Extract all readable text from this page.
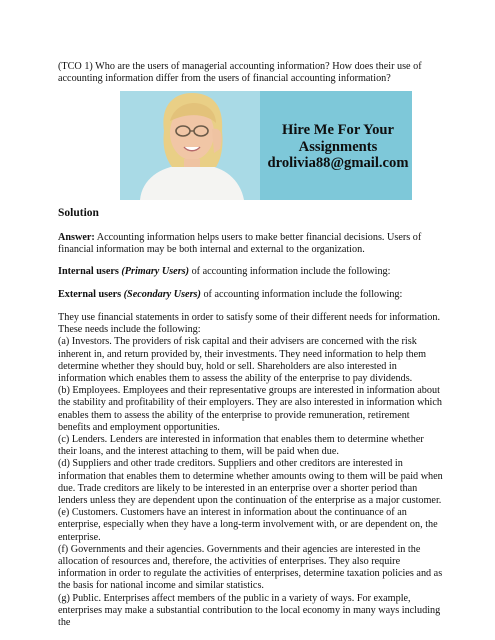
(TCO 1) Who are the users of managerial accounting information? How does their use of accounting information differ from the users of financial accounting information?

Hire Me For Your
Assignments
drolivia88@gmail.com
Solution

Answer: Accounting information helps users to make better financial decisions. Users of financial information may be both internal and external to the organization.

Internal users (Primary Users) of accounting information include the following:

External users (Secondary Users) of accounting information include the following:

They use financial statements in order to satisfy some of their different needs for information. These needs include the following:
(a) Investors. The providers of risk capital and their advisers are concerned with the risk inherent in, and return provided by, their investments. They need information to help them determine whether they should buy, hold or sell. Shareholders are also interested in information which enables them to assess the ability of the enterprise to pay dividends.
(b) Employees. Employees and their representative groups are interested in information about the stability and profitability of their employers. They are also interested in information which enables them to assess the ability of the enterprise to provide remuneration, retirement benefits and employment opportunities.
(c) Lenders. Lenders are interested in information that enables them to determine whether their loans, and the interest attaching to them, will be paid when due.
(d) Suppliers and other trade creditors. Suppliers and other creditors are interested in information that enables them to determine whether amounts owing to them will be paid when due. Trade creditors are likely to be interested in an enterprise over a shorter period than lenders unless they are dependent upon the continuation of the enterprise as a major customer.
(e) Customers. Customers have an interest in information about the continuance of an enterprise, especially when they have a long-term involvement with, or are dependent on, the enterprise.
(f) Governments and their agencies. Governments and their agencies are interested in the allocation of resources and, therefore, the activities of enterprises. They also require information in order to regulate the activities of enterprises, determine taxation policies and as the basis for national income and similar statistics.
(g) Public. Enterprises affect members of the public in a variety of ways. For example, enterprises may make a substantial contribution to the local economy in many ways including the
